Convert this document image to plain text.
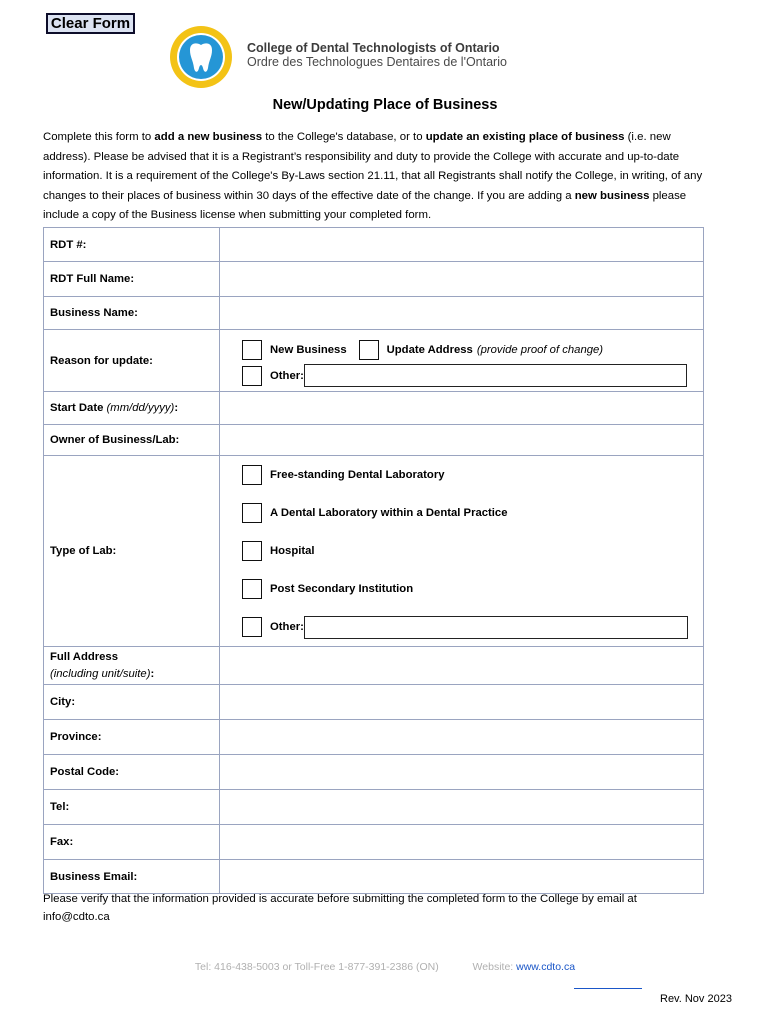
Clear Form
College of Dental Technologists of Ontario
Ordre des Technologues Dentaires de l'Ontario
New/Updating Place of Business
Complete this form to add a new business to the College's database, or to update an existing place of business (i.e. new address). Please be advised that it is a Registrant’s responsibility and duty to provide the College with accurate and up-to-date information. It is a requirement of the College's By-Laws section 21.11, that all Registrants shall notify the College, in writing, of any changes to their places of business within 30 days of the effective date of the change. If you are adding a new business please include a copy of the Business license when submitting your completed form.
RDT #:	
RDT Full Name:	
Business Name:	
Reason for update:	New Business Update Address (provide proof of change)
Other:

Start Date (mm/dd/yyyy):	
Owner of Business/Lab:	
Type of Lab:	Free-standing Dental Laboratory
A Dental Laboratory within a Dental Practice
Hospital
Post Secondary Institution
Other:

Full Address
(including unit/suite):	
City:	
Province:	
Postal Code:	
Tel:	
Fax:	
Business Email:	
Please verify that the information provided is accurate before submitting the completed form to the College by email at info@cdto.ca
Tel: 416-438-5003 or Toll-Free 1-877-391-2386 (ON)	Website: www.cdto.ca
Rev. Nov 2023
